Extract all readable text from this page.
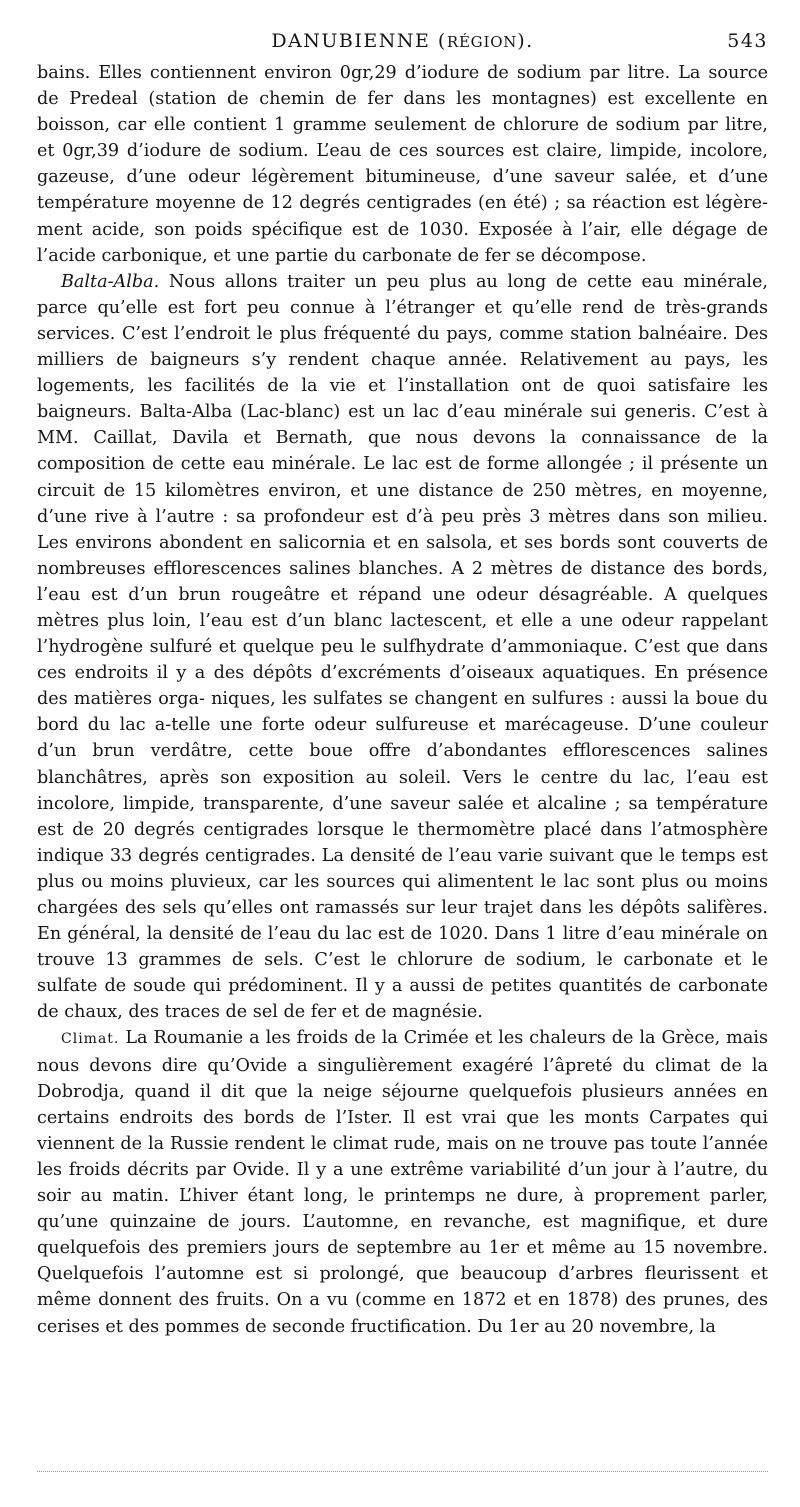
DANUBIENNE (RÉGION).	543

bains. Elles contiennent environ 0gr,29 d’iodure de sodium par litre. La source de Predeal (station de chemin de fer dans les montagnes) est excellente en boisson, car elle contient 1 gramme seulement de chlorure de sodium par litre, et 0gr,39 d’iodure de sodium. L’eau de ces sources est claire, limpide, incolore, gazeuse, d’une odeur légèrement bitumineuse, d’une saveur salée, et d’une température moyenne de 12 degrés centigrades (en été) ; sa réaction est légère- ment acide, son poids spécifique est de 1030. Exposée à l’air, elle dégage de l’acide carbonique, et une partie du carbonate de fer se décompose.

Balta-Alba. Nous allons traiter un peu plus au long de cette eau minérale, parce qu’elle est fort peu connue à l’étranger et qu’elle rend de très-grands services. C’est l’endroit le plus fréquenté du pays, comme station balnéaire. Des milliers de baigneurs s’y rendent chaque année. Relativement au pays, les logements, les facilités de la vie et l’installation ont de quoi satisfaire les baigneurs. Balta-Alba (Lac-blanc) est un lac d’eau minérale sui generis. C’est à MM. Caillat, Davila et Bernath, que nous devons la connaissance de la composition de cette eau minérale. Le lac est de forme allongée ; il présente un circuit de 15 kilomètres environ, et une distance de 250 mètres, en moyenne, d’une rive à l’autre : sa profondeur est d’à peu près 3 mètres dans son milieu. Les environs abondent en salicornia et en salsola, et ses bords sont couverts de nombreuses efflorescences salines blanches. A 2 mètres de distance des bords, l’eau est d’un brun rougeâtre et répand une odeur désagréable. A quelques mètres plus loin, l’eau est d’un blanc lactescent, et elle a une odeur rappelant l’hydrogène sulfuré et quelque peu le sulfhydrate d’ammoniaque. C’est que dans ces endroits il y a des dépôts d’excréments d’oiseaux aquatiques. En présence des matières orga- niques, les sulfates se changent en sulfures : aussi la boue du bord du lac a-telle une forte odeur sulfureuse et marécageuse. D’une couleur d’un brun verdâtre, cette boue offre d’abondantes efflorescences salines blanchâtres, après son exposition au soleil. Vers le centre du lac, l’eau est incolore, limpide, transparente, d’une saveur salée et alcaline ; sa température est de 20 degrés centigrades lorsque le thermomètre placé dans l’atmosphère indique 33 degrés centigrades. La densité de l’eau varie suivant que le temps est plus ou moins pluvieux, car les sources qui alimentent le lac sont plus ou moins chargées des sels qu’elles ont ramassés sur leur trajet dans les dépôts salifères. En général, la densité de l’eau du lac est de 1020. Dans 1 litre d’eau minérale on trouve 13 grammes de sels. C’est le chlorure de sodium, le carbonate et le sulfate de soude qui prédominent. Il y a aussi de petites quantités de carbonate de chaux, des traces de sel de fer et de magnésie.

Climat. La Roumanie a les froids de la Crimée et les chaleurs de la Grèce, mais nous devons dire qu’Ovide a singulièrement exagéré l’âpreté du climat de la Dobrodja, quand il dit que la neige séjourne quelquefois plusieurs années en certains endroits des bords de l’Ister. Il est vrai que les monts Carpates qui viennent de la Russie rendent le climat rude, mais on ne trouve pas toute l’année les froids décrits par Ovide. Il y a une extrême variabilité d’un jour à l’autre, du soir au matin. L’hiver étant long, le printemps ne dure, à proprement parler, qu’une quinzaine de jours. L’automne, en revanche, est magnifique, et dure quelquefois des premiers jours de septembre au 1er et même au 15 novembre. Quelquefois l’automne est si prolongé, que beaucoup d’arbres fleurissent et même donnent des fruits. On a vu (comme en 1872 et en 1878) des prunes, des cerises et des pommes de seconde fructification. Du 1er au 20 novembre, la
